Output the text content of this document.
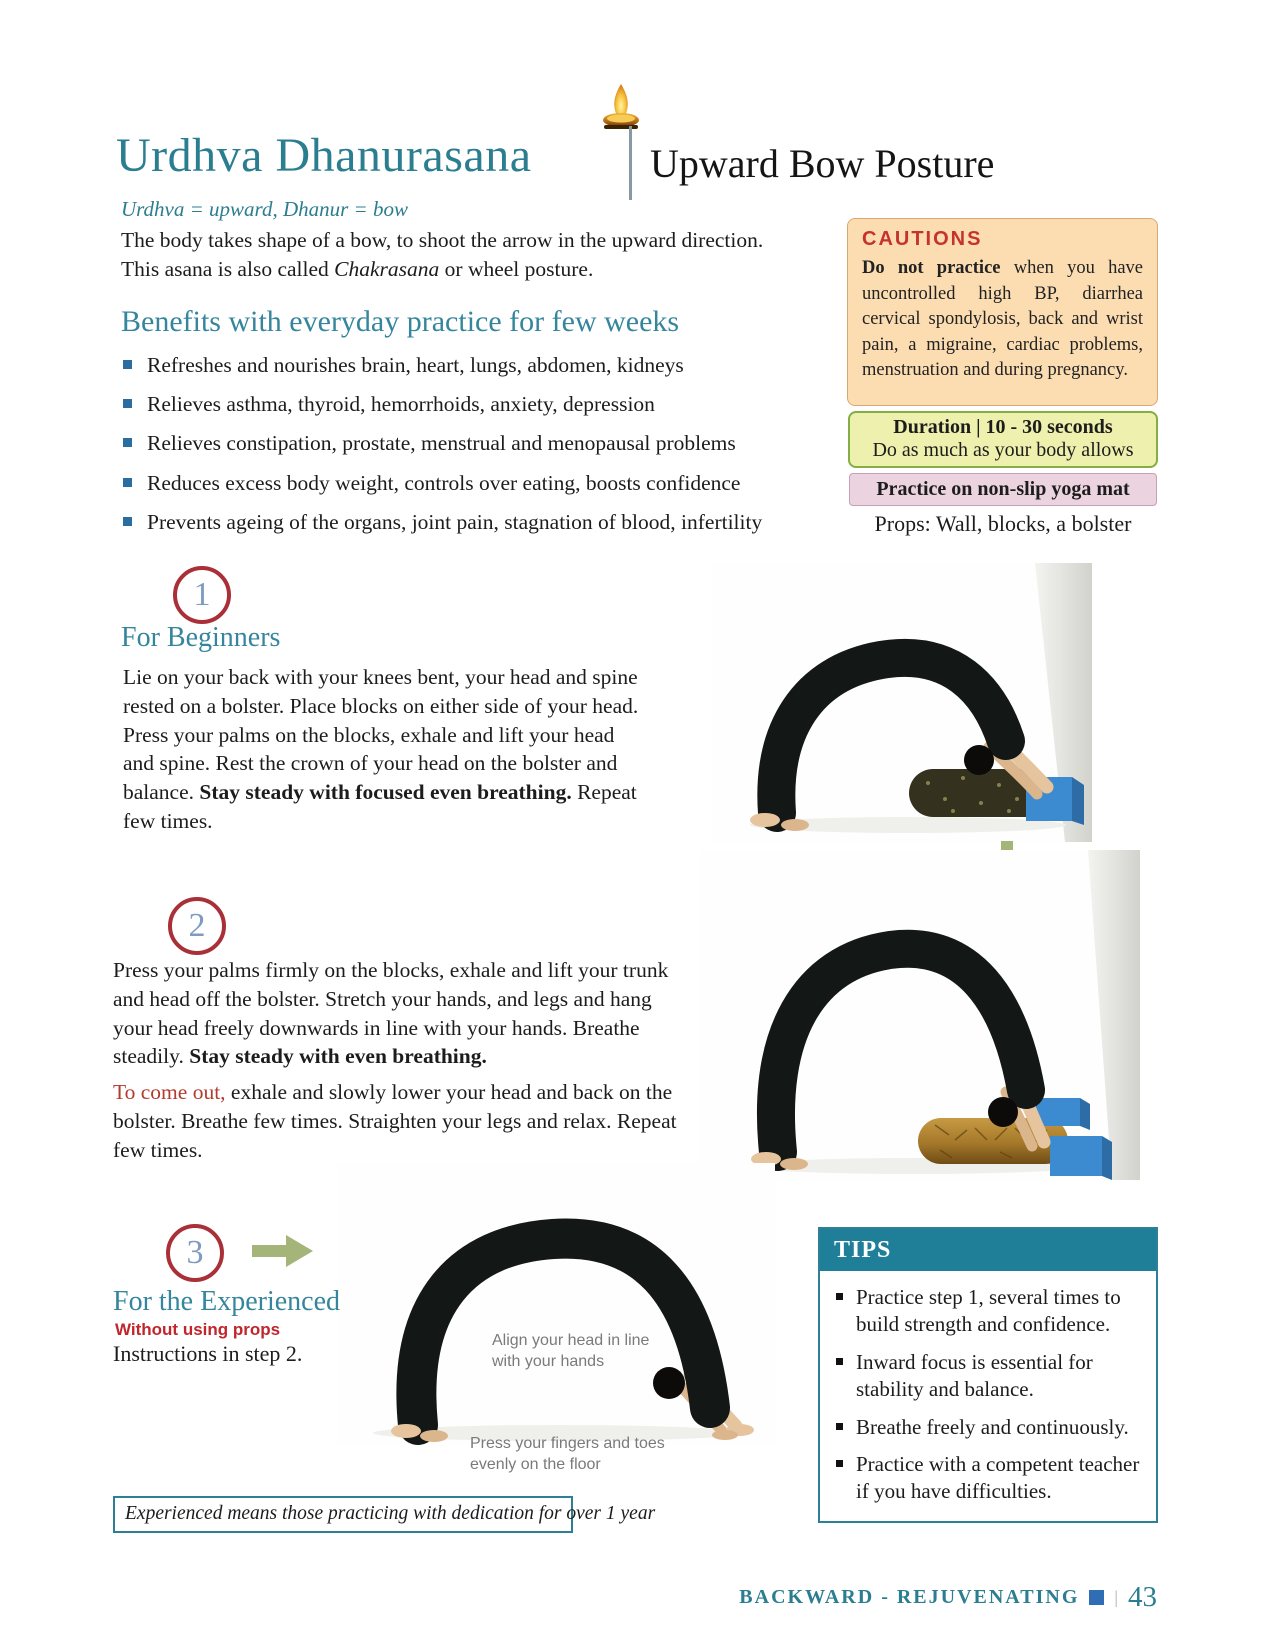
Urdhva Dhanurasana	Upward Bow Posture
Urdhva = upward, Dhanur = bow
The body takes shape of a bow, to shoot the arrow in the upward direction. This asana is also called Chakrasana or wheel posture.
Benefits with everyday practice for few weeks
Refreshes and nourishes brain, heart, lungs, abdomen, kidneys
Relieves asthma, thyroid, hemorrhoids, anxiety, depression
Relieves constipation, prostate, menstrual and menopausal problems
Reduces excess body weight, controls over eating, boosts confidence
Prevents ageing of the organs, joint pain, stagnation of blood, infertility
CAUTIONS
Do not practice when you have uncontrolled high BP, diarrhea cervical spondylosis, back and wrist pain, a migraine, cardiac problems, menstruation and during pregnancy.
Duration | 10 - 30 seconds
Do as much as your body allows
Practice on non-slip yoga mat
Props: Wall, blocks, a bolster
Align your head in line with your hands
Press your fingers and toes evenly on the floor
1
For Beginners
Lie on your back with your knees bent, your head and spine rested on a bolster. Place blocks on either side of your head. Press your palms on the blocks, exhale and lift your head and spine. Rest the crown of your head on the bolster and balance. Stay steady with focused even breathing. Repeat few times.
2

Press your palms firmly on the blocks, exhale and lift your trunk and head off the bolster. Stretch your hands, and legs and hang your head freely downwards in line with your hands. Breathe steadily. Stay steady with even breathing.

To come out, exhale and slowly lower your head and back on the bolster. Breathe few times. Straighten your legs and relax. Repeat few times.

3
For the Experienced
Without using props
Instructions in step 2.
Experienced means those practicing with dedication for over 1 year
TIPS
Practice step 1, several times to build strength and confidence.
Inward focus is essential for stability and balance.
Breathe freely and continuously.
Practice with a competent teacher if you have difficulties.
BACKWARD - REJUVENATING | 43
